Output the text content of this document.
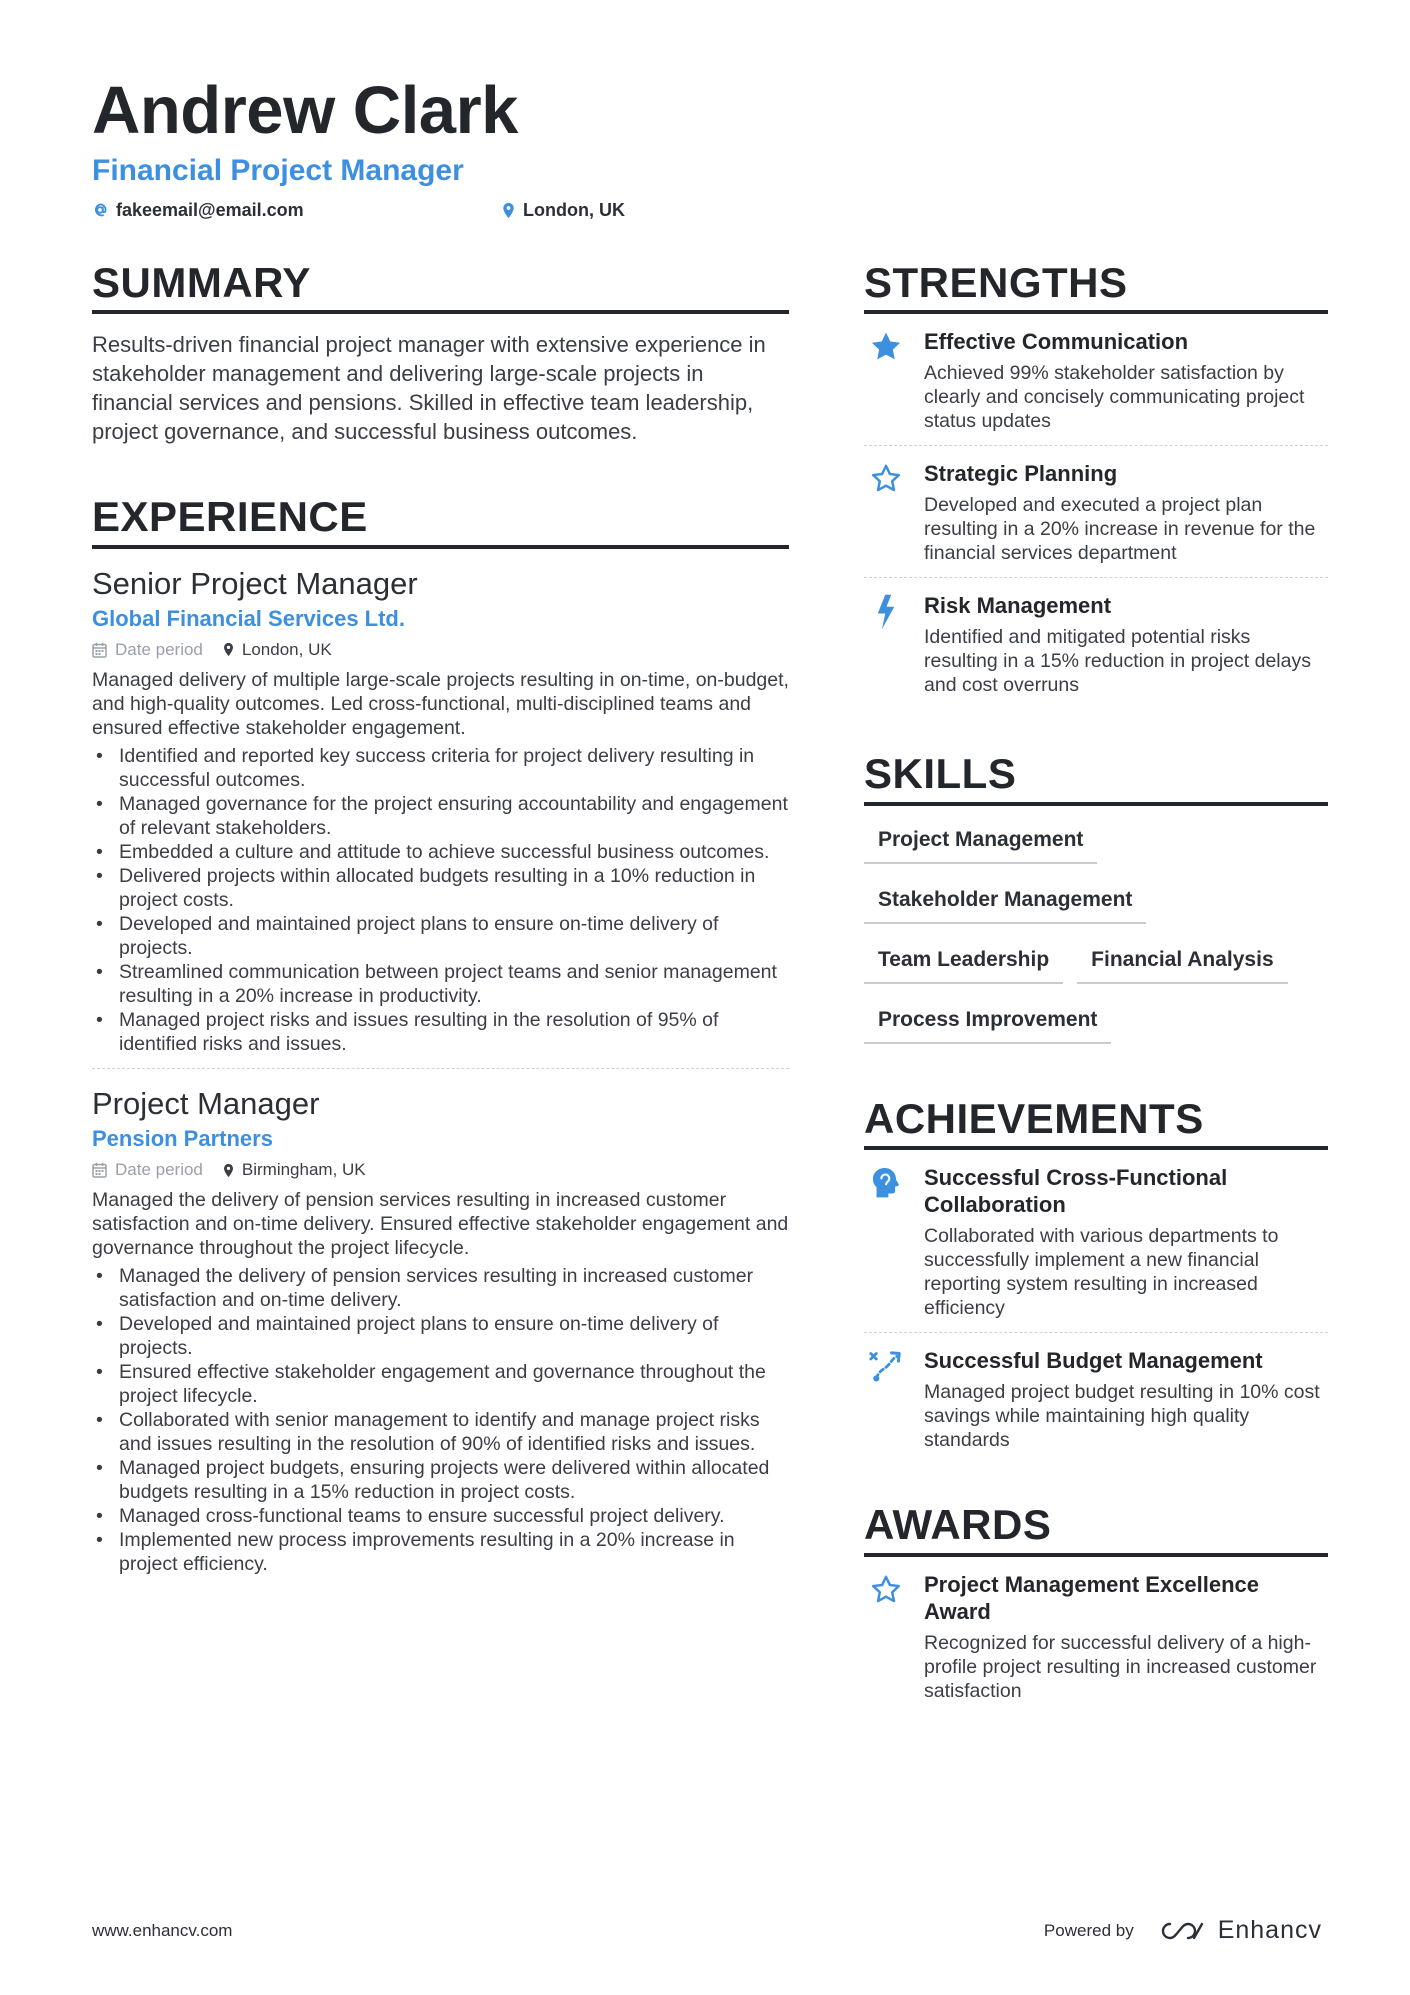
Andrew Clark
Financial Project Manager
fakeemail@email.com	London, UK
SUMMARY
Results-driven financial project manager with extensive experience in stakeholder management and delivering large-scale projects in financial services and pensions. Skilled in effective team leadership, project governance, and successful business outcomes.
EXPERIENCE
Senior Project Manager
Global Financial Services Ltd.
Date period London, UK
Managed delivery of multiple large-scale projects resulting in on-time, on-budget, and high-quality outcomes. Led cross-functional, multi-disciplined teams and ensured effective stakeholder engagement.
• Identified and reported key success criteria for project delivery resulting in successful outcomes.
• Managed governance for the project ensuring accountability and engagement of relevant stakeholders.
• Embedded a culture and attitude to achieve successful business outcomes.
• Delivered projects within allocated budgets resulting in a 10% reduction in project costs.
• Developed and maintained project plans to ensure on-time delivery of projects.
• Streamlined communication between project teams and senior management resulting in a 20% increase in productivity.
• Managed project risks and issues resulting in the resolution of 95% of identified risks and issues.
Project Manager
Pension Partners
Date period Birmingham, UK
Managed the delivery of pension services resulting in increased customer satisfaction and on-time delivery. Ensured effective stakeholder engagement and governance throughout the project lifecycle.
• Managed the delivery of pension services resulting in increased customer satisfaction and on-time delivery.
• Developed and maintained project plans to ensure on-time delivery of projects.
• Ensured effective stakeholder engagement and governance throughout the project lifecycle.
• Collaborated with senior management to identify and manage project risks and issues resulting in the resolution of 90% of identified risks and issues.
• Managed project budgets, ensuring projects were delivered within allocated budgets resulting in a 15% reduction in project costs.
• Managed cross-functional teams to ensure successful project delivery.
• Implemented new process improvements resulting in a 20% increase in project efficiency.
STRENGTHS
Effective Communication
Achieved 99% stakeholder satisfaction by clearly and concisely communicating project status updates
Strategic Planning
Developed and executed a project plan resulting in a 20% increase in revenue for the financial services department
Risk Management
Identified and mitigated potential risks resulting in a 15% reduction in project delays and cost overruns
SKILLS
Project Management
Stakeholder Management
Team Leadership	Financial Analysis
Process Improvement
ACHIEVEMENTS
Successful Cross-Functional Collaboration
Collaborated with various departments to successfully implement a new financial reporting system resulting in increased efficiency
Successful Budget Management
Managed project budget resulting in 10% cost savings while maintaining high quality standards
AWARDS
Project Management Excellence Award
Recognized for successful delivery of a high-profile project resulting in increased customer satisfaction
www.enhancv.com	Powered by	Enhancv
